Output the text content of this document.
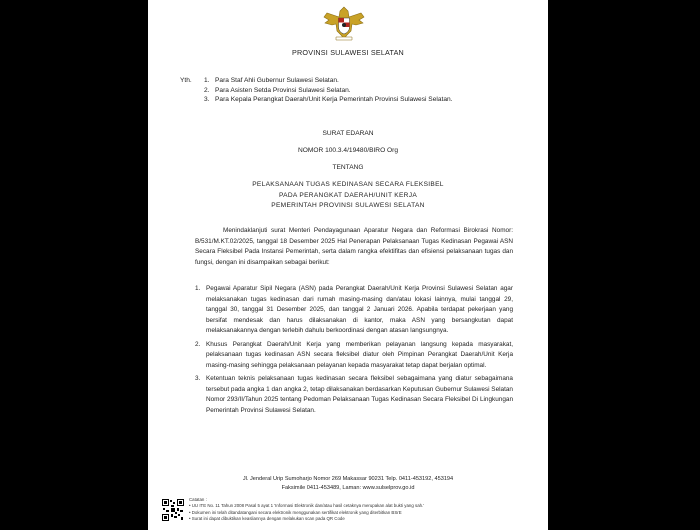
PROVINSI SULAWESI SELATAN
Yth. 1. Para Staf Ahli Gubernur Sulawesi Selatan.
2. Para Asisten Setda Provinsi Sulawesi Selatan.
3. Para Kepala Perangkat Daerah/Unit Kerja Pemerintah Provinsi Sulawesi Selatan.
SURAT EDARAN
NOMOR 100.3.4/19480/BIRO Org
TENTANG
PELAKSANAAN TUGAS KEDINASAN SECARA FLEKSIBEL
PADA PERANGKAT DAERAH/UNIT KERJA
PEMERINTAH PROVINSI SULAWESI SELATAN
Menindaklanjuti surat Menteri Pendayagunaan Aparatur Negara dan Reformasi Birokrasi Nomor: B/531/M.KT.02/2025, tanggal 18 Desember 2025 Hal Penerapan Pelaksanaan Tugas Kedinasan Pegawai ASN Secara Fleksibel Pada Instansi Pemerintah, serta dalam rangka efektifitas dan efisiensi pelaksanaan tugas dan fungsi, dengan ini disampaikan sebagai berikut:
1. Pegawai Aparatur Sipil Negara (ASN) pada Perangkat Daerah/Unit Kerja Provinsi Sulawesi Selatan agar melaksanakan tugas kedinasan dari rumah masing-masing dan/atau lokasi lainnya, mulai tanggal 29, tanggal 30, tanggal 31 Desember 2025, dan tanggal 2 Januari 2026. Apabila terdapat pekerjaan yang bersifat mendesak dan harus dilaksanakan di kantor, maka ASN yang bersangkutan dapat melaksanakannya dengan terlebih dahulu berkoordinasi dengan atasan langsungnya.
2. Khusus Perangkat Daerah/Unit Kerja yang memberikan pelayanan langsung kepada masyarakat, pelaksanaan tugas kedinasan ASN secara fleksibel diatur oleh Pimpinan Perangkat Daerah/Unit Kerja masing-masing sehingga pelaksanaan pelayanan kepada masyarakat tetap dapat berjalan optimal.
3. Ketentuan teknis pelaksanaan tugas kedinasan secara fleksibel sebagaimana yang diatur sebagaimana tersebut pada angka 1 dan angka 2, tetap dilaksanakan berdasarkan Keputusan Gubernur Sulawesi Selatan Nomor 293/II/Tahun 2025 tentang Pedoman Pelaksanaan Tugas Kedinasan Secara Fleksibel Di Lingkungan Pemerintah Provinsi Sulawesi Selatan.
Jl. Jenderal Urip Sumoharjo Nomor 269 Makassar 90231 Telp. 0411-453192, 453194
Faksimile 0411-453489, Laman: www.sulselprov.go.id
Catatan :
• UU ITE No. 11 Tahun 2008 Pasal 5 ayat 1 'Informasi Elektronik dan/atau hasil cetaknya merupakan alat bukti yang sah.'
• Dokumen ini telah ditandatangani secara elektronik menggunakan sertifikat elektronik yang diterbitkan BSrE
• Surat ini dapat dibuktikan keasliannya dengan melakukan scan pada QR Code
